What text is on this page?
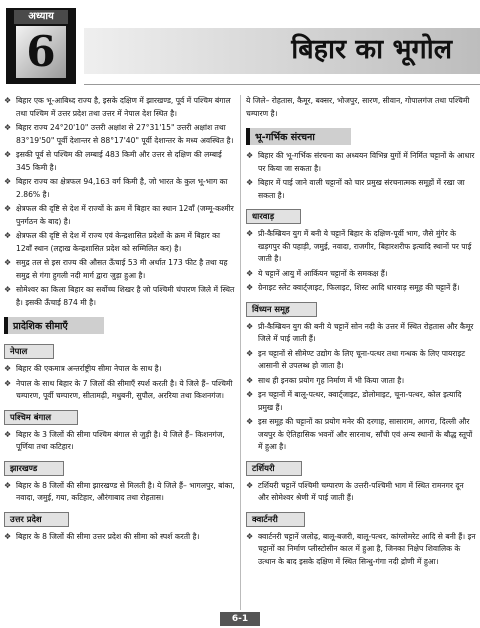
अध्याय
6	बिहार का भूगोल
❖ बिहार एक भू-आबिध्द राज्य है, इसके दक्षिण में झारखण्ड, पूर्व में पश्चिम बंगाल तथा पश्चिम में उत्तर प्रदेश तथा उत्तर में नेपाल देश स्थित है।
❖ बिहार राज्य 24°20'10" उत्तरी अक्षांश से 27°31'15" उत्तरी अक्षांश तथा 83°19'50" पूर्वी देशान्तर से 88°17'40" पूर्वी देशान्तर के मध्य अवस्थित है।
❖ इसकी पूर्व से पश्चिम की लम्बाई 483 किमी और उत्तर से दक्षिण की लम्बाई 345 किमी है।
❖ बिहार राज्य का क्षेत्रफल 94,163 वर्ग किमी है, जो भारत के कुल भू-भाग का 2.86% है।
❖ क्षेत्रफल की दृष्टि से देश में राज्यों के क्रम में बिहार का स्थान 12वाँ (जम्मू-कश्मीर पुनर्गठन के बाद) है।
❖ क्षेत्रफल की दृष्टि से देश में राज्य एवं केन्द्रशासित प्रदेशों के क्रम में बिहार का 12वाँ स्थान (लद्दाख केन्द्रशासित प्रदेश को सम्मिलित कर) है।
❖ समुद्र तल से इस राज्य की औसत ऊँचाई 53 मी अर्थात 173 फीट है तथा यह समुद्र से गंगा हुगली नदी मार्ग द्वारा जुड़ा हुआ है।
❖ सोमेश्वर का किला बिहार का सर्वोच्च शिखर है जो पश्चिमी चंपारण जिले में स्थित है। इसकी ऊँचाई 874 मी है।
प्रादेशिक सीमाएँ
नेपाल
❖ बिहार की एकमात्र अन्तर्राष्ट्रीय सीमा नेपाल के साथ है।
❖ नेपाल के साथ बिहार के 7 जिलों की सीमाएँ स्पर्श करती है। ये जिले हैं– पश्चिमी चम्पारण, पूर्वी चम्पारण, सीतामढ़ी, मधुबनी, सुपौल, अररिया तथा किशनगंज।
पश्चिम बंगाल
❖ बिहार के 3 जिलों की सीमा पश्चिम बंगाल से जुड़ी है। ये जिले हैं– किशनगंज, पूर्णिया तथा कटिहार।
झारखण्ड
❖ बिहार के 8 जिलों की सीमा झारखण्ड से मिलती है। ये जिले हैं– भागलपुर, बांका, नवादा, जमुई, गया, कटिहार, औरंगाबाद तथा रोहतास।
उत्तर प्रदेश
❖ बिहार के 8 जिलों की सीमा उत्तर प्रदेश की सीमा को स्पर्श करती है।
ये जिले– रोहतास, कैमूर, बक्सर, भोजपुर, सारण, सीवान, गोपालगंज तथा पश्चिमी चम्पारण है।
भू-गर्भिक संरचना
❖ बिहार की भू-गर्भिक संरचना का अध्ययन विभिन्न युगों में निर्मित चट्टानों के आधार पर किया जा सकता है।
❖ बिहार में पाई जाने वाली चट्टानों को चार प्रमुख संरचनात्मक समूहों में रखा जा सकता है।
धारवाड़
❖ प्री-कैम्ब्रियन युग में बनी ये चट्टानें बिहार के दक्षिण-पूर्वी भाग, जैसे मुंगेर के खड़गपुर की पहाड़ी, जमुई, नवादा, राजगीर, बिहारशरीफ इत्यादि स्थानों पर पाई जाती है।
❖ ये चट्टानें आयु में आर्कियन चट्टानों के समकक्ष हैं।
❖ ग्रेनाइट स्लेट क्वार्ट्जाइट, फिलाइट, शिस्ट आदि धारवाड़ समूह की चट्टानें हैं।
विंध्यन समूह
❖ प्री-कैम्ब्रियन युग की बनी ये चट्टानें सोन नदी के उत्तर में स्थित रोहतास और कैमूर जिले में पाई जाती हैं।
❖ इन चट्टानों से सीमेण्ट उद्योग के लिए चूना-पत्थर तथा गन्धक के लिए पायराइट आसानी से उपलब्ध हो जाता है।
❖ साथ ही इनका प्रयोग गृह निर्माण में भी किया जाता है।
❖ इन चट्टानों में बालू-पत्थर, क्वार्ट्जाइट, डोलोमाइट, चूना-पत्थर, कोल इत्यादि प्रमुख हैं।
❖ इस समूह की चट्टानों का प्रयोग मनेर की दरगाह, सासाराम, आगरा, दिल्ली और जयपुर के ऐतिहासिक भवनों और सारनाथ, साँची एवं अन्य स्थानों के बौद्ध स्तूपों में हुआ है।
टर्शियरी
❖ टर्शियरी चट्टानें पश्चिमी चम्पारण के उत्तरी-पश्चिमी भाग में स्थित रामनगर दून और सोमेश्वर श्रेणी में पाई जाती हैं।
क्वार्टनरी
❖ क्वार्टनरी चट्टानें जलोढ़, बालू-बजरी, बालू-पत्थर, कांग्लोमरेट आदि से बनी हैं। इन चट्टानों का निर्माण प्लीस्टोसीन काल में हुआ है, जिनका निक्षेप शिवालिक के उत्थान के बाद इसके दक्षिण में स्थित सिन्धु-गंगा नदी द्रोणी में हुआ।
6-1
